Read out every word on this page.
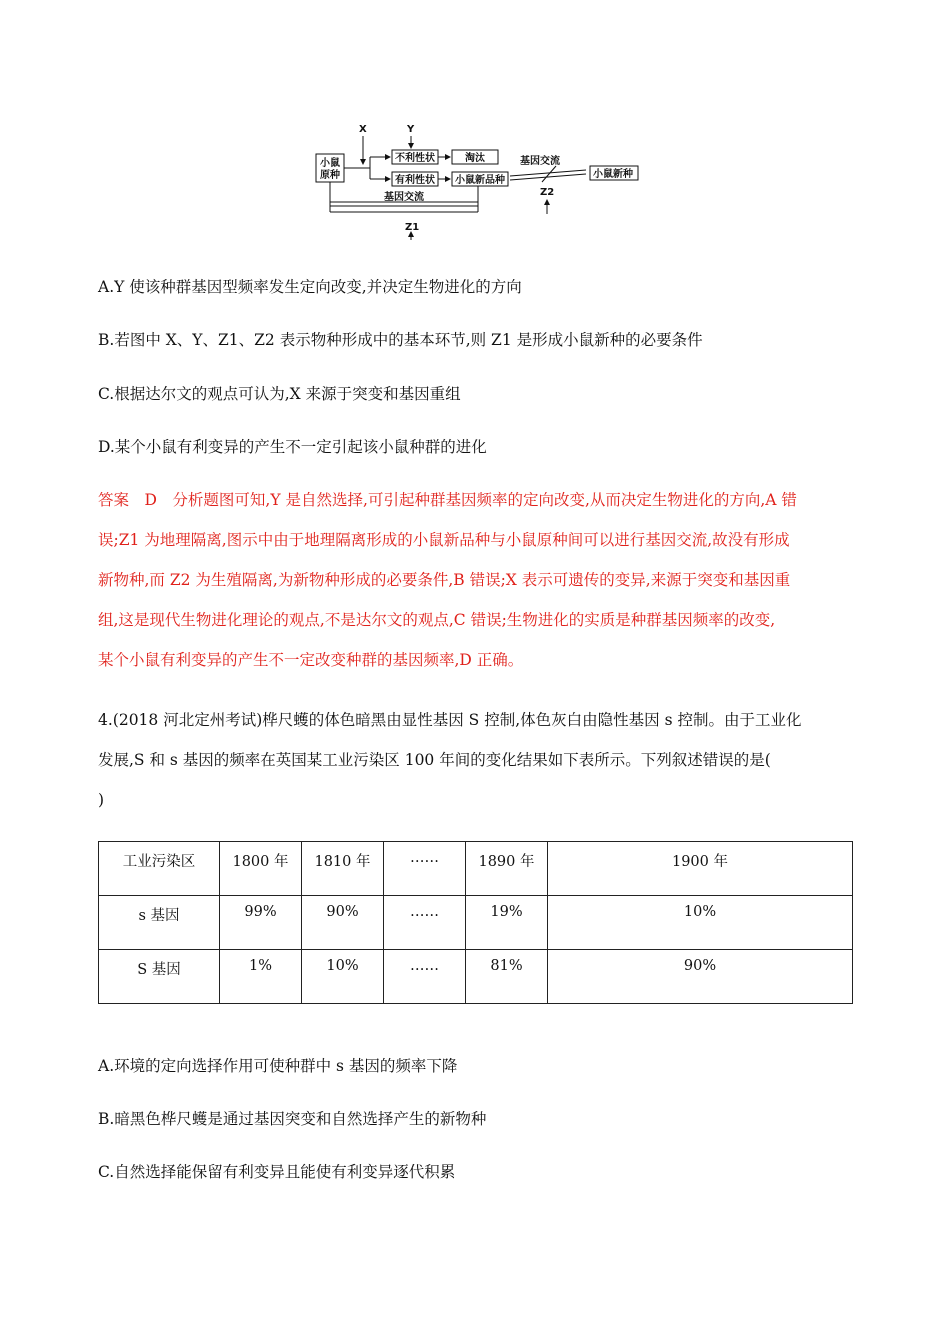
X	Y
小鼠
原种
不利性状	淘汰
有利性状 小鼠新品种
基因交流
Z2
小鼠新种
基因交流
Z1
A.Y 使该种群基因型频率发生定向改变,并决定生物进化的方向
B.若图中 X、Y、Z1、Z2 表示物种形成中的基本环节,则 Z1 是形成小鼠新种的必要条件
C.根据达尔文的观点可认为,X 来源于突变和基因重组
D.某个小鼠有利变异的产生不一定引起该小鼠种群的进化
答案　D　分析题图可知,Y 是自然选择,可引起种群基因频率的定向改变,从而决定生物进化的方向,A 错
误;Z1 为地理隔离,图示中由于地理隔离形成的小鼠新品种与小鼠原种间可以进行基因交流,故没有形成
新物种,而 Z2 为生殖隔离,为新物种形成的必要条件,B 错误;X 表示可遗传的变异,来源于突变和基因重
组,这是现代生物进化理论的观点,不是达尔文的观点,C 错误;生物进化的实质是种群基因频率的改变,
某个小鼠有利变异的产生不一定改变种群的基因频率,D 正确。
4.(2018 河北定州考试)桦尺蠖的体色暗黑由显性基因 S 控制,体色灰白由隐性基因 s 控制。由于工业化
发展,S 和 s 基因的频率在英国某工业污染区 100 年间的变化结果如下表所示。下列叙述错误的是(
)
工业污染区	1800 年	1810 年	……	1890 年	1900 年
s 基因	99%	90%	……	19%	10%
S 基因	1%	10%	……	81%	90%
A.环境的定向选择作用可使种群中 s 基因的频率下降
B.暗黑色桦尺蠖是通过基因突变和自然选择产生的新物种
C.自然选择能保留有利变异且能使有利变异逐代积累
